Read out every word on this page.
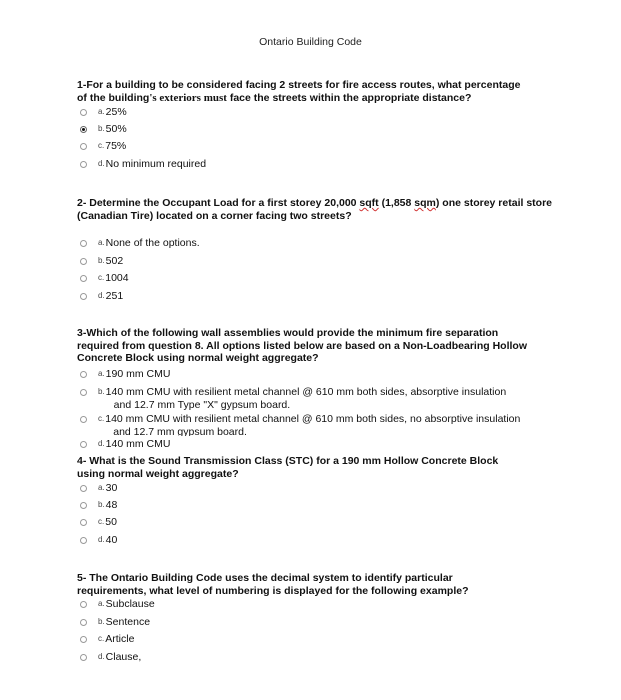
Ontario Building Code
1-For a building to be considered facing 2 streets for fire access routes, what percentage
of the building's exteriors must face the streets within the appropriate distance?
a. 25%
b. 50%
c. 75%
d. No minimum required
2- Determine the Occupant Load for a first storey 20,000 sqft (1,858 sqm) one storey retail store (Canadian Tire) located on a corner facing two streets?
a. None of the options.
b. 502
c. 1004
d. 251
3-Which of the following wall assemblies would provide the minimum fire separation required from question 8. All options listed below are based on a Non-Loadbearing Hollow Concrete Block using normal weight aggregate?
a. 190 mm CMU
b. 140 mm CMU with resilient metal channel @ 610 mm both sides, absorptive insulation
and 12.7 mm Type "X" gypsum board.
c. 140 mm CMU with resilient metal channel @ 610 mm both sides, no absorptive insulation
and 12.7 mm gypsum board.
d. 140 mm CMU
4- What is the Sound Transmission Class (STC) for a 190 mm Hollow Concrete Block using normal weight aggregate?
a. 30
b. 48
c. 50
d. 40
5- The Ontario Building Code uses the decimal system to identify particular requirements, what level of numbering is displayed for the following example?
a. Subclause
b. Sentence
c. Article
d. Clause,
